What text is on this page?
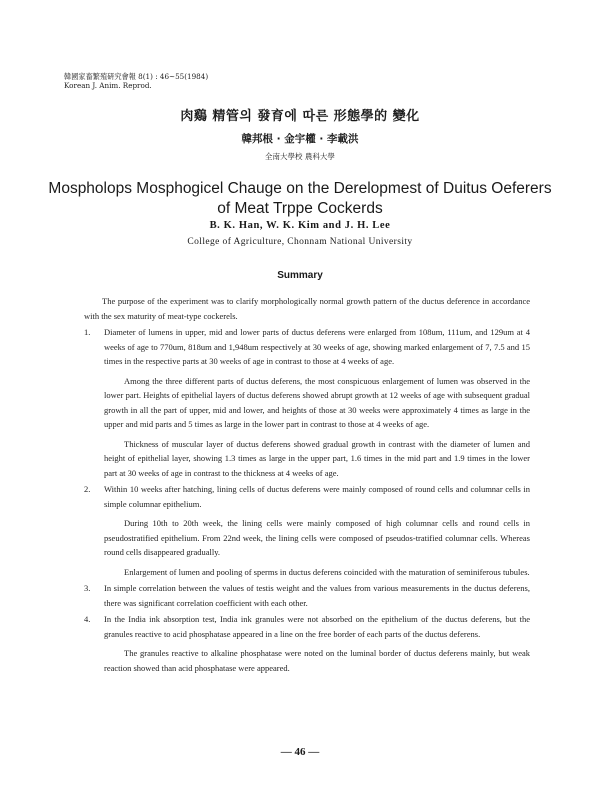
韓國家畜繁殖硏究會報 8(1) : 46~55(1984)
Korean J. Anim. Reprod.
肉鷄 精管의 發育에 따른 形態學的 變化
韓邦根 · 金宇權 · 李載洪
全南大學校 農科大學
Mospholops Mosphogicel Chauge on the Derelopmest of Duitus Oeferers
of Meat Trppe Cockerds
B. K. Han, W. K. Kim and J. H. Lee
College of Agriculture, Chonnam National University
Summary

The purpose of the experiment was to clarify morphologically normal growth pattern of the ductus deference in accordance with the sex maturity of meat-type cockerels.

1. Diameter of lumens in upper, mid and lower parts of ductus deferens were enlarged from 108um, 111um, and 129um at 4 weeks of age to 770um, 818um and 1,948um respectively at 30 weeks of age, showing marked enlargement of 7, 7.5 and 15 times in the respective parts at 30 weeks of age in contrast to those at 4 weeks of age.

Among the three different parts of ductus deferens, the most conspicuous enlargement of lumen was observed in the lower part. Heights of epithelial layers of ductus deferens showed abrupt growth at 12 weeks of age with subsequent gradual growth in all the part of upper, mid and lower, and heights of those at 30 weeks were approximately 4 times as large in the upper and mid parts and 5 times as large in the lower part in contrast to those at 4 weeks of age.

Thickness of muscular layer of ductus deferens showed gradual growth in contrast with the diameter of lumen and height of epithelial layer, showing 1.3 times as large in the upper part, 1.6 times in the mid part and 1.9 times in the lower part at 30 weeks of age in contrast to the thickness at 4 weeks of age.

2. Within 10 weeks after hatching, lining cells of ductus deferens were mainly composed of round cells and columnar cells in simple columnar epithelium.

During 10th to 20th week, the lining cells were mainly composed of high columnar cells and round cells in pseudostratified epithelium. From 22nd week, the lining cells were composed of pseudos-tratified columnar cells. Whereas round cells disappeared gradually.

Enlargement of lumen and pooling of sperms in ductus deferens coincided with the maturation of seminiferous tubules.

3. In simple correlation between the values of testis weight and the values from various measurements in the ductus deferens, there was significant correlation coefficient with each other.

4. In the India ink absorption test, India ink granules were not absorbed on the epithelium of the ductus deferens, but the granules reactive to acid phosphatase appeared in a line on the free border of each parts of the ductus deferens.

The granules reactive to alkaline phosphatase were noted on the luminal border of ductus deferens mainly, but weak reaction showed than acid phosphatase were appeared.

— 46 —
